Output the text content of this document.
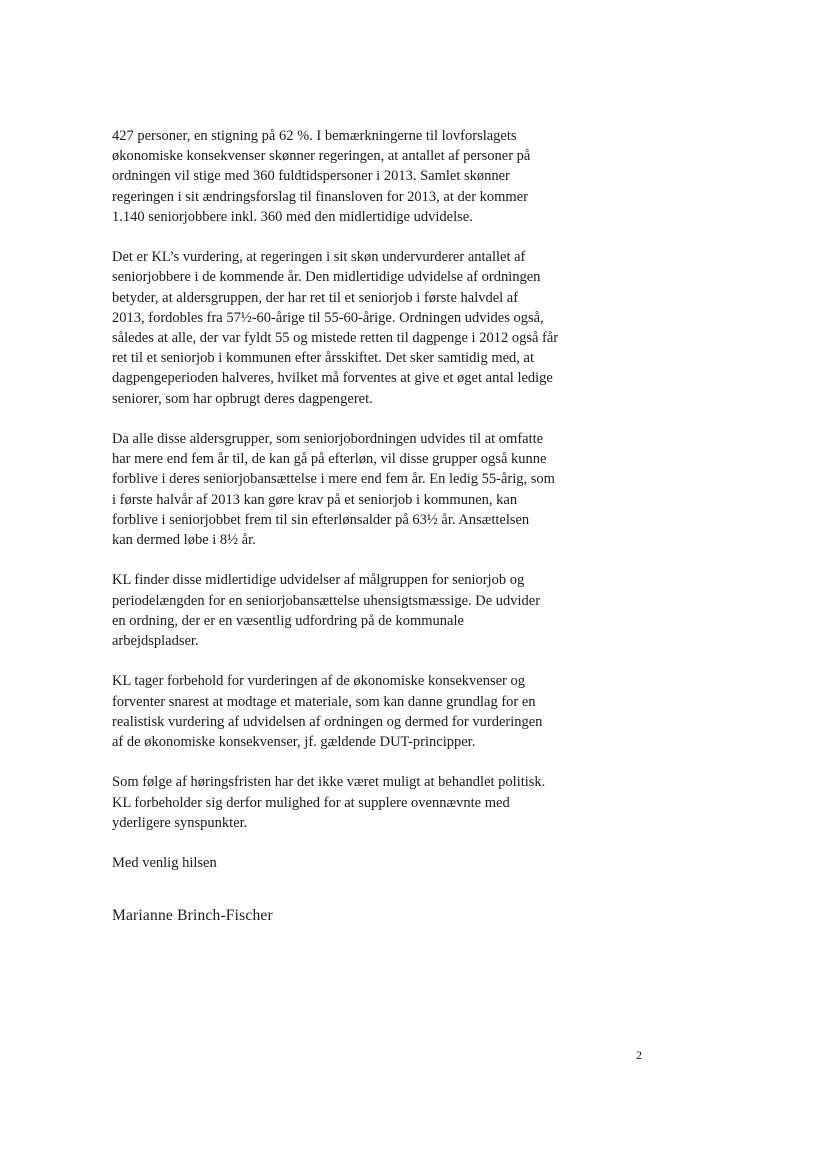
427 personer, en stigning på 62 %. I bemærkningerne til lovforslagets
økonomiske konsekvenser skønner regeringen, at antallet af personer på
ordningen vil stige med 360 fuldtidspersoner i 2013. Samlet skønner
regeringen i sit ændringsforslag til finansloven for 2013, at der kommer
1.140 seniorjobbere inkl. 360 med den midlertidige udvidelse.

Det er KL’s vurdering, at regeringen i sit skøn undervurderer antallet af
seniorjobbere i de kommende år. Den midlertidige udvidelse af ordningen
betyder, at aldersgruppen, der har ret til et seniorjob i første halvdel af
2013, fordobles fra 57½-60-årige til 55-60-årige. Ordningen udvides også,
således at alle, der var fyldt 55 og mistede retten til dagpenge i 2012 også får
ret til et seniorjob i kommunen efter årsskiftet. Det sker samtidig med, at
dagpengeperioden halveres, hvilket må forventes at give et øget antal ledige
seniorer, som har opbrugt deres dagpengeret.

Da alle disse aldersgrupper, som seniorjobordningen udvides til at omfatte
har mere end fem år til, de kan gå på efterløn, vil disse grupper også kunne
forblive i deres seniorjobansættelse i mere end fem år. En ledig 55-årig, som
i første halvår af 2013 kan gøre krav på et seniorjob i kommunen, kan
forblive i seniorjobbet frem til sin efterlønsalder på 63½ år. Ansættelsen
kan dermed løbe i 8½ år.

KL finder disse midlertidige udvidelser af målgruppen for seniorjob og
periodelængden for en seniorjobansættelse uhensigtsmæssige. De udvider
en ordning, der er en væsentlig udfordring på de kommunale
arbejdspladser.

KL tager forbehold for vurderingen af de økonomiske konsekvenser og
forventer snarest at modtage et materiale, som kan danne grundlag for en
realistisk vurdering af udvidelsen af ordningen og dermed for vurderingen
af de økonomiske konsekvenser, jf. gældende DUT-principper.

Som følge af høringsfristen har det ikke været muligt at behandlet politisk.
KL forbeholder sig derfor mulighed for at supplere ovennævnte med
yderligere synspunkter.

Med venlig hilsen

Marianne Brinch-Fischer
2
